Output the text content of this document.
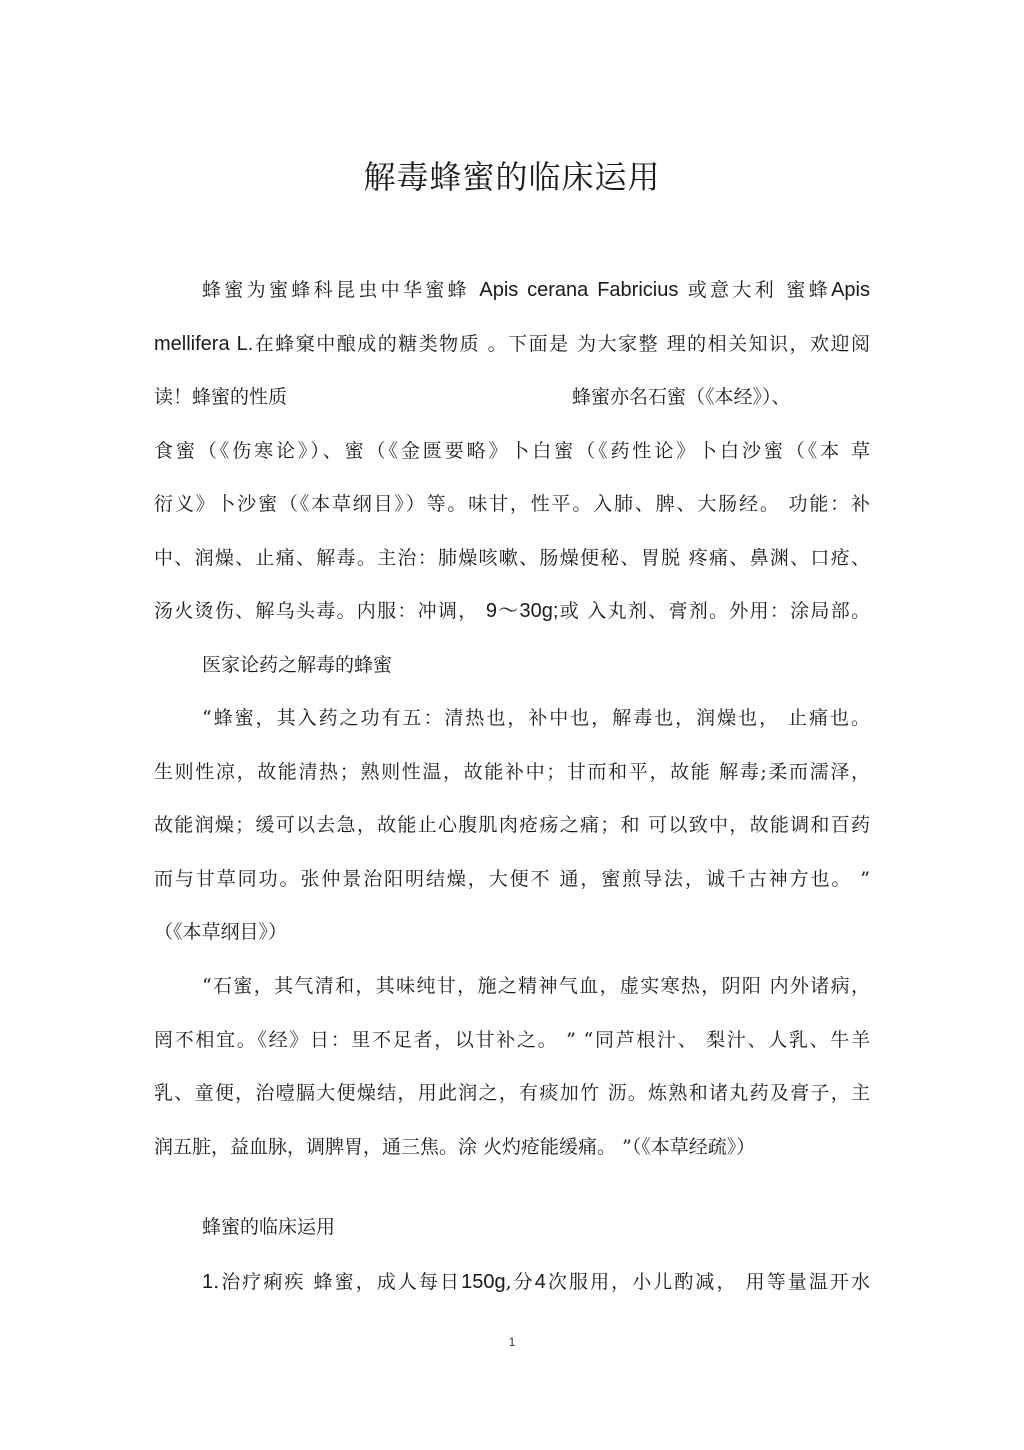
解毒蜂蜜的临床运用
蜂蜜为蜜蜂科昆虫中华蜜蜂 Apis cerana Fabricius 或意大利 蜜蜂Apis
mellifera L.在蜂窠中酿成的糖类物质 。下面是 为大家整 理的相关知识，欢迎阅
读！蜂蜜的性质	蜂蜜亦名石蜜（《本经》）、
食蜜（《伤寒论》）、蜜（《金匮要略》卜白蜜（《药性论》卜白沙蜜（《本 草
衍义》卜沙蜜（《本草纲目》）等。味甘，性平。入肺、脾、大肠经。 功能：补
中、润燥、止痛、解毒。主治：肺燥咳嗽、肠燥便秘、胃脱 疼痛、鼻渊、口疮、
汤火烫伤、解乌头毒。内服：冲调， 9～30g;或 入丸剂、膏剂。外用：涂局部。
医家论药之解毒的蜂蜜
“蜂蜜，其入药之功有五：清热也，补中也，解毒也，润燥也， 止痛也。
生则性凉，故能清热；熟则性温，故能补中；甘而和平，故能 解毒;柔而濡泽，
故能润燥；缓可以去急，故能止心腹肌肉疮疡之痛；和 可以致中，故能调和百药
而与甘草同功。张仲景治阳明结燥，大便不 通，蜜煎导法，诚千古神方也。 ”
（《本草纲目》）
“石蜜，其气清和，其味纯甘，施之精神气血，虚实寒热，阴阳 内外诸病，
罔不相宜。《经》日：里不足者，以甘补之。 ” “同芦根汁、 梨汁、人乳、牛羊
乳、童便，治噎膈大便燥结，用此润之，有痰加竹 沥。炼熟和诸丸药及膏子，主
润五脏，益血脉，调脾胃，通三焦。涂 火灼疮能缓痛。 ”（《本草经疏》）
蜂蜜的临床运用
1.治疗痢疾 蜂蜜，成人每日150g,分4次服用，小儿酌减， 用等量温开水
1
